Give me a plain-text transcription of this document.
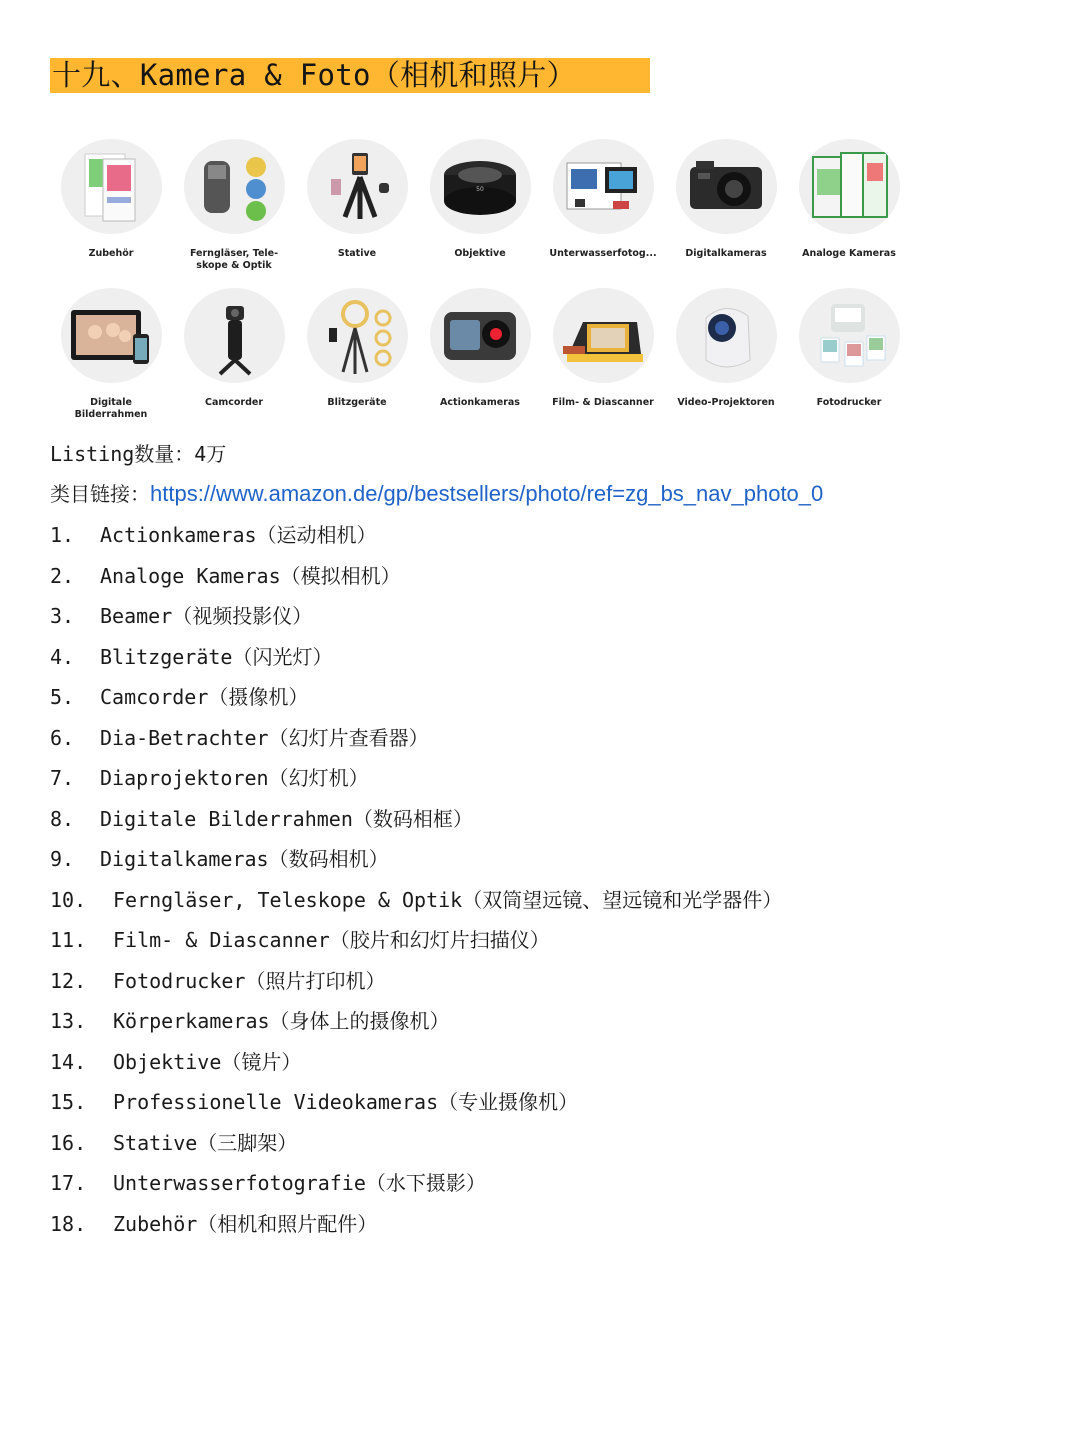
十九、Kamera & Foto（相机和照片）
Zubehör	Ferngläser, Tele-
skope & Optik
Stative
50
Objektive	Unterwasserfotog...	Digitalkameras	Analoge Kameras
Digitale
Bilderrahmen
Camcorder	Blitzgeräte	Actionkameras	Film- & Diascanner	Video-Projektoren	Fotodrucker
Listing数量：4万
类目链接：https://www.amazon.de/gp/bestsellers/photo/ref=zg_bs_nav_photo_0
1. Actionkameras（运动相机）
2. Analoge Kameras（模拟相机）
3. Beamer（视频投影仪）
4. Blitzgeräte（闪光灯）
5. Camcorder（摄像机）
6. Dia-Betrachter（幻灯片查看器）
7. Diaprojektoren（幻灯机）
8. Digitale Bilderrahmen（数码相框）
9. Digitalkameras（数码相机）
10. Ferngläser, Teleskope & Optik（双筒望远镜、望远镜和光学器件）
11. Film- & Diascanner（胶片和幻灯片扫描仪）
12. Fotodrucker（照片打印机）
13. Körperkameras（身体上的摄像机）
14. Objektive（镜片）
15. Professionelle Videokameras（专业摄像机）
16. Stative（三脚架）
17. Unterwasserfotografie（水下摄影）
18. Zubehör（相机和照片配件）
